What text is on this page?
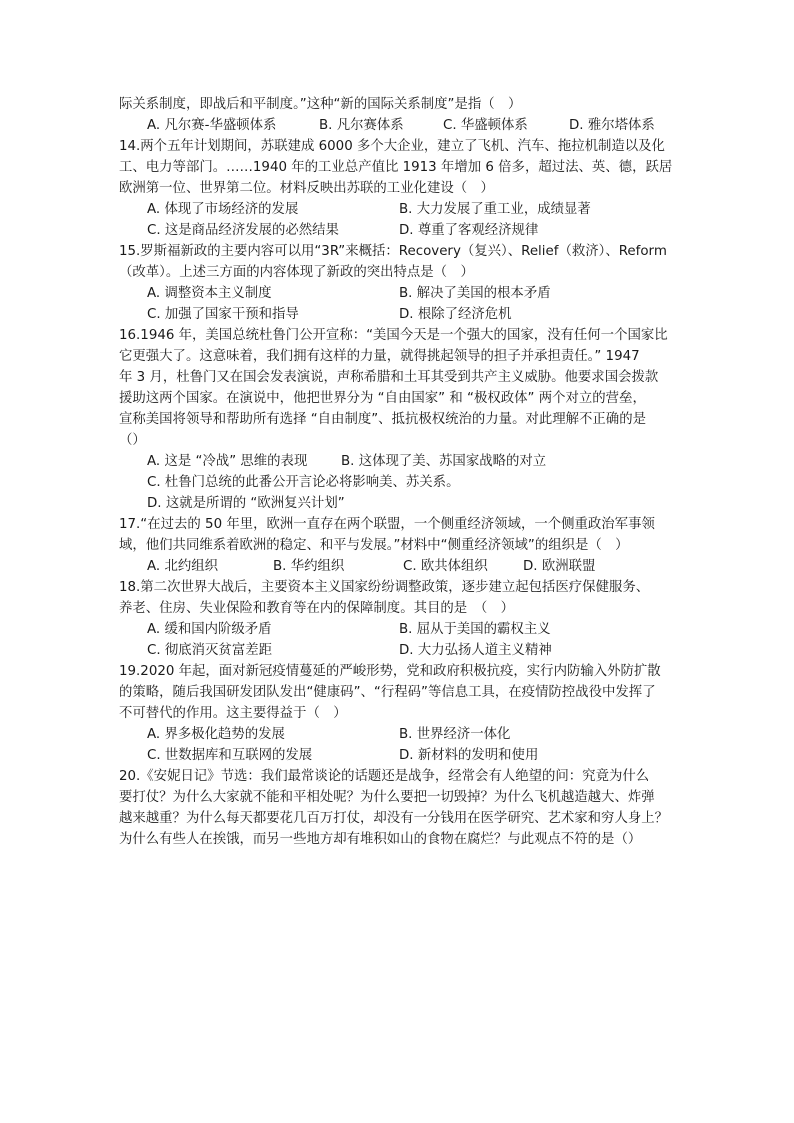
际关系制度，即战后和平制度。”这种“新的国际关系制度”是指（　）
A. 凡尔赛-华盛顿体系	B. 凡尔赛体系	C. 华盛顿体系	D. 雅尔塔体系
14.两个五年计划期间，苏联建成 6000 多个大企业，建立了飞机、汽车、拖拉机制造以及化
工、电力等部门。……1940 年的工业总产值比 1913 年增加 6 倍多，超过法、英、德，跃居
欧洲第一位、世界第二位。材料反映出苏联的工业化建设（　）
A. 体现了市场经济的发展	B. 大力发展了重工业，成绩显著
C. 这是商品经济发展的必然结果	D. 尊重了客观经济规律
15.罗斯福新政的主要内容可以用“3R”来概括：Recovery（复兴）、Relief（救济）、Reform
（改革）。上述三方面的内容体现了新政的突出特点是（　）
A. 调整资本主义制度	B. 解决了美国的根本矛盾
C. 加强了国家干预和指导	D. 根除了经济危机
16.1946 年，美国总统杜鲁门公开宣称：“美国今天是一个强大的国家，没有任何一个国家比
它更强大了。这意味着，我们拥有这样的力量，就得挑起领导的担子并承担责任。” 1947
年 3 月，杜鲁门又在国会发表演说，声称希腊和土耳其受到共产主义威胁。他要求国会拨款
援助这两个国家。在演说中，他把世界分为 “自由国家” 和 “极权政体” 两个对立的营垒，
宣称美国将领导和帮助所有选择 “自由制度”、抵抗极权统治的力量。对此理解不正确的是
（）
A. 这是 “冷战” 思维的表现	B. 这体现了美、苏国家战略的对立
C. 杜鲁门总统的此番公开言论必将影响美、苏关系。
D. 这就是所谓的 “欧洲复兴计划”
17.“在过去的 50 年里，欧洲一直存在两个联盟，一个侧重经济领域，一个侧重政治军事领
域，他们共同维系着欧洲的稳定、和平与发展。”材料中“侧重经济领域”的组织是（　）
A. 北约组织	B. 华约组织	C. 欧共体组织	D. 欧洲联盟
18.第二次世界大战后，主要资本主义国家纷纷调整政策，逐步建立起包括医疗保健服务、
养老、住房、失业保险和教育等在内的保障制度。其目的是　（　）
A. 缓和国内阶级矛盾	B. 屈从于美国的霸权主义
C. 彻底消灭贫富差距	D. 大力弘扬人道主义精神
19.2020 年起，面对新冠疫情蔓延的严峻形势，党和政府积极抗疫，实行内防输入外防扩散
的策略，随后我国研发团队发出“健康码”、“行程码”等信息工具，在疫情防控战役中发挥了
不可替代的作用。这主要得益于（　）
A. 界多极化趋势的发展	B. 世界经济一体化
C. 世数据库和互联网的发展	D. 新材料的发明和使用
20.《安妮日记》节选：我们最常谈论的话题还是战争，经常会有人绝望的问：究竟为什么
要打仗？为什么大家就不能和平相处呢？为什么要把一切毁掉？为什么飞机越造越大、炸弹
越来越重？为什么每天都要花几百万打仗，却没有一分钱用在医学研究、艺术家和穷人身上？
为什么有些人在挨饿，而另一些地方却有堆积如山的食物在腐烂？与此观点不符的是（）
